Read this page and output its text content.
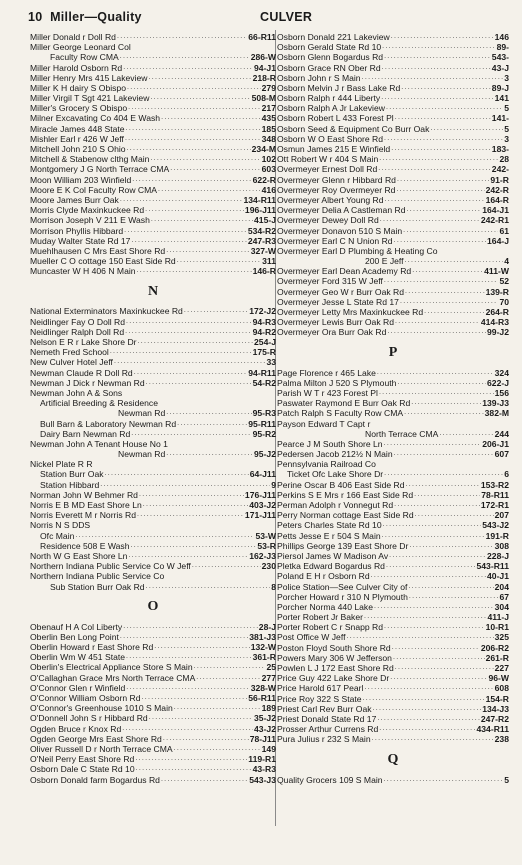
10 Miller—Quality	CULVER
Miller Donald r Doll Rd .....	66-R11
Miller George Leonard Col
Faculty Row CMA .....	286-W
Miller Harold Osborn Rd .....	94-J1
Miller Henry Mrs 415 Lakeview .....	218-R
Miller K H dairy S Obispo .....	279
Miller Virgil T Sgt 421 Lakeview .....	508-M
Miller's Grocery S Obispo .....	217
Milner Excavating Co 404 E Wash .....	435
Miracle James 448 State .....	185
Mishler Earl r 426 W Jeff .....	348
Mitchell John 210 S Ohio .....	234-M
Mitchell & Stabenow clthg Main .....	102
Montgomery J G North Terrace CMA .....	603
Moon William 203 Winfield .....	622-R
Moore E K Col Faculty Row CMA .....	416
Moore James Burr Oak .....	134-R11
Morris Clyde Maxinkuckee Rd .....	196-J11
Morrison Joseph V 211 E Wash .....	415-J
Morrison Phyllis Hibbard .....	534-R2
Muday Walter State Rd 17 .....	247-R3
Muehlhausen C Mrs East Shore Rd .....	327-W
Mueller C O cottage 150 East Side Rd .....	311
Muncaster W H 406 N Main .....	146-R
N
National Exterminators Maxinkuckee Rd .....	172-J2
Neidlinger Fay O Doll Rd .....	94-R3
Neidlinger Ralph Doll Rd .....	94-R2
Nelson E R r Lake Shore Dr .....	254-J
Nemeth Fred School .....	175-R
New Culver Hotel Jeff .....	33
Newman Claude R Doll Rd .....	94-R11
Newman J Dick r Newman Rd .....	54-R2
Newman John A & Sons
Artificial Breeding & Residence
Newman Rd .....	95-R3
Bull Barn & Laboratory Newman Rd .....	95-R11
Dairy Barn Newman Rd .....	95-R2
Newman John A Tenant House No 1
Newman Rd .....	95-J2
Nickel Plate R R
Station Burr Oak .....	64-J11
Station Hibbard .....	9
Norman John W Behmer Rd .....	176-J11
Norris E B MD East Shore Ln .....	403-J2
Norris Everett M r Norris Rd .....	171-J11
Norris N S DDS
Ofc Main .....	53-W
Residence 508 E Wash .....	53-R
North W G East Shore Ln .....	162-J3
Northern Indiana Public Service Co W Jeff .....	230
Northern Indiana Public Service Co
Sub Station Burr Oak Rd .....	8
O
Obenauf H A Col Liberty .....	28-J
Oberlin Ben Long Point .....	381-J3
Oberlin Howard r East Shore Rd .....	132-W
Oberlin Wm W 451 State .....	361-R
Oberlin's Electrical Appliance Store S Main .....	25
O'Callaghan Grace Mrs North Terrace CMA .....	277
O'Connor Glen r Winfield .....	328-W
O'Connor William Osborn Rd .....	56-R11
O'Connor's Greenhouse 1010 S Main .....	189
O'Donnell John S r Hibbard Rd .....	35-J2
Ogden Bruce r Knox Rd .....	43-J2
Ogden George Mrs East Shore Rd .....	78-J11
Oliver Russell D r North Terrace CMA .....	149
O'Neil Perry East Shore Rd .....	119-R1
Osborn Dale C State Rd 10 .....	43-R3
Osborn Donald farm Bogardus Rd .....	543-J3
Osborn Donald 221 Lakeview .....	146
Osborn Gerald State Rd 10 .....	89-
Osborn Glenn Bogardus Rd .....	543-
Osborn Grace RN Ober Rd .....	43-J
Osborn John r S Main .....	3
Osborn Melvin J r Bass Lake Rd .....	89-J
Osborn Ralph r 444 Liberty .....	141
Osborn Ralph A Jr Lakeview .....	5
Osborn Robert L 433 Forest Pl .....	141-
Osborn Seed & Equipment Co Burr Oak .....	5
Osborn W O East Shore Rd .....	3
Osmun James 215 E Winfield .....	183-
Ott Robert W r 404 S Main .....	28
Overmeyer Ernest Doll Rd .....	242-
Overmeyer Glenn r Hibbard Rd .....	91-R
Overmeyer Roy Overmeyer Rd .....	242-R
Overmeyer Albert Young Rd .....	164-R
Overmeyer Delia A Castleman Rd .....	164-J1
Overmeyer Dewey Doll Rd .....	242-R1
Overmeyer Donavon 510 S Main .....	61
Overmeyer Earl C N Union Rd .....	164-J
Overmeyer Earl D Plumbing & Heating Co
200 E Jeff .....	4
Overmeyer Earl Dean Academy Rd .....	411-W
Overmeyer Ford 315 W Jeff .....	52
Overmeyer Geo W r Burr Oak Rd .....	139-R
Overmeyer Jesse L State Rd 17 .....	70
Overmeyer Letty Mrs Maxinkuckee Rd .....	264-R
Overmeyer Lewis Burr Oak Rd .....	414-R3
Overmeyer Ora Burr Oak Rd .....	99-J2
P
Page Florence r 465 Lake .....	324
Palma Milton J 520 S Plymouth .....	622-J
Parish W T r 423 Forest Pl .....	156
Paswater Raymond E Burr Oak Rd .....	139-J3
Patch Ralph S Faculty Row CMA .....	382-M
Payson Edward T Capt r
North Terrace CMA .....	244
Pearce J M South Shore Ln .....	206-J1
Pedersen Jacob 212½ N Main .....	607
Pennsylvania Railroad Co
Ticket Ofc Lake Shore Dr .....	6
Perine Oscar B 406 East Side Rd .....	153-R2
Perkins S E Mrs r 166 East Side Rd .....	78-R11
Perman Adolph r Vonnegut Rd .....	172-R1
Perry Norman cottage East Side Rd .....	207
Peters Charles State Rd 10 .....	543-J2
Petts Jesse E r 504 S Main .....	191-R
Phillips George 139 East Shore Dr .....	308
Piersol James W Madison Av .....	228-J
Pletka Edward Bogardus Rd .....	543-R11
Poland E H r Osborn Rd .....	40-J1
Police Station—See Culver City of .....	204
Porcher Howard r 310 N Plymouth .....	67
Porcher Norma 440 Lake .....	304
Porter Robert Jr Baker .....	411-J
Porter Robert C r Snapp Rd .....	10-R1
Post Office W Jeff .....	325
Poston Floyd South Shore Rd .....	206-R2
Powers Mary 306 W Jefferson .....	261-R
Powlen L J 172 East Shore Rd .....	227
Price Guy 422 Lake Shore Dr .....	96-W
Price Harold 617 Pearl .....	608
Price Roy 322 S State .....	154-R
Priest Carl Rev Burr Oak .....	134-J3
Priest Donald State Rd 17 .....	247-R2
Prosser Arthur Currens Rd .....	434-R11
Pura Julius r 232 S Main .....	238
Q
Quality Grocers 109 S Main .....	5
